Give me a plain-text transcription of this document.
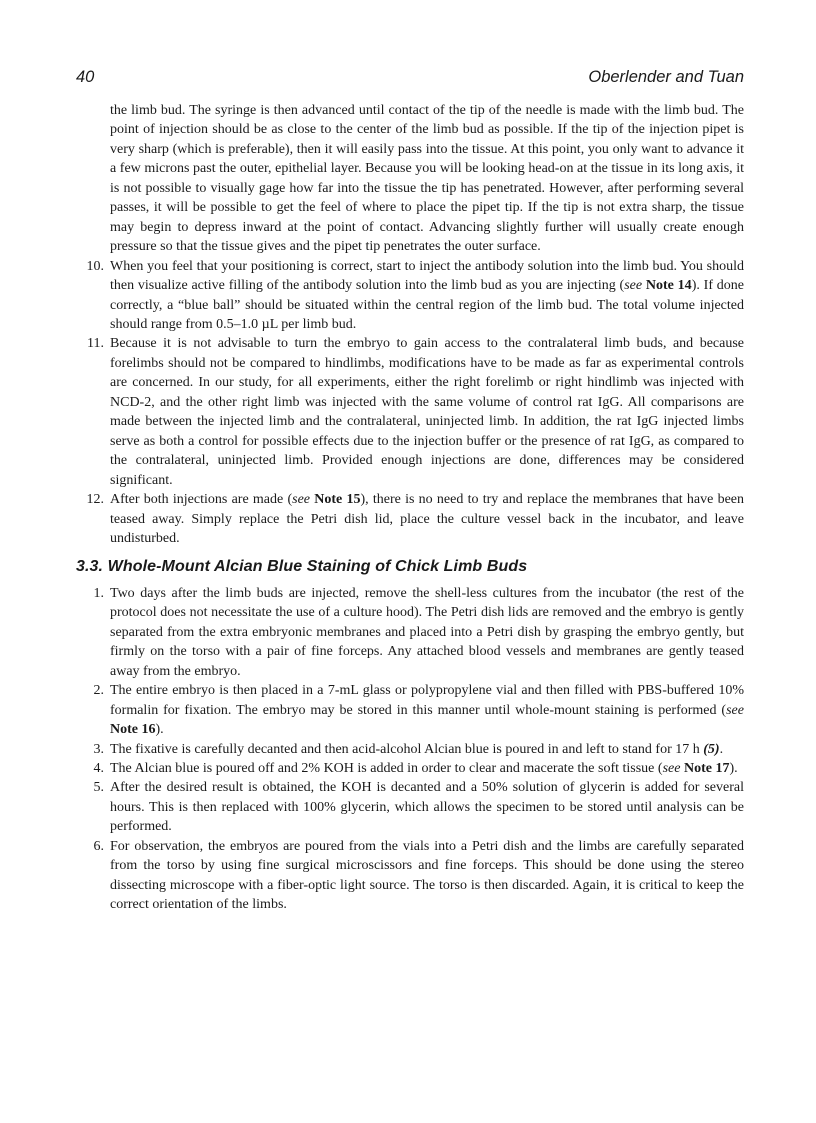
40	Oberlender and Tuan
the limb bud. The syringe is then advanced until contact of the tip of the needle is made with the limb bud. The point of injection should be as close to the center of the limb bud as possible. If the tip of the injection pipet is very sharp (which is preferable), then it will easily pass into the tissue. At this point, you only want to advance it a few microns past the outer, epithelial layer. Because you will be looking head-on at the tissue in its long axis, it is not possible to visually gage how far into the tissue the tip has penetrated. However, after performing several passes, it will be possible to get the feel of where to place the pipet tip. If the tip is not extra sharp, the tissue may begin to depress inward at the point of contact. Advancing slightly further will usually create enough pressure so that the tissue gives and the pipet tip penetrates the outer surface.
10. When you feel that your positioning is correct, start to inject the antibody solution into the limb bud. You should then visualize active filling of the antibody solution into the limb bud as you are injecting (see Note 14). If done correctly, a “blue ball” should be situated within the central region of the limb bud. The total volume injected should range from 0.5–1.0 µL per limb bud.
11. Because it is not advisable to turn the embryo to gain access to the contralateral limb buds, and because forelimbs should not be compared to hindlimbs, modifications have to be made as far as experimental controls are concerned. In our study, for all experiments, either the right forelimb or right hindlimb was injected with NCD-2, and the other right limb was injected with the same volume of control rat IgG. All comparisons are made between the injected limb and the contralateral, uninjected limb. In addition, the rat IgG injected limbs serve as both a control for possible effects due to the injection buffer or the presence of rat IgG, as compared to the contralateral, uninjected limb. Provided enough injections are done, differences may be considered significant.
12. After both injections are made (see Note 15), there is no need to try and replace the membranes that have been teased away. Simply replace the Petri dish lid, place the culture vessel back in the incubator, and leave undisturbed.
3.3. Whole-Mount Alcian Blue Staining of Chick Limb Buds
1. Two days after the limb buds are injected, remove the shell-less cultures from the incubator (the rest of the protocol does not necessitate the use of a culture hood). The Petri dish lids are removed and the embryo is gently separated from the extra embryonic membranes and placed into a Petri dish by grasping the embryo gently, but firmly on the torso with a pair of fine forceps. Any attached blood vessels and membranes are gently teased away from the embryo.
2. The entire embryo is then placed in a 7-mL glass or polypropylene vial and then filled with PBS-buffered 10% formalin for fixation. The embryo may be stored in this manner until whole-mount staining is performed (see Note 16).
3. The fixative is carefully decanted and then acid-alcohol Alcian blue is poured in and left to stand for 17 h (5).
4. The Alcian blue is poured off and 2% KOH is added in order to clear and macerate the soft tissue (see Note 17).
5. After the desired result is obtained, the KOH is decanted and a 50% solution of glycerin is added for several hours. This is then replaced with 100% glycerin, which allows the specimen to be stored until analysis can be performed.
6. For observation, the embryos are poured from the vials into a Petri dish and the limbs are carefully separated from the torso by using fine surgical microscissors and fine forceps. This should be done using the stereo dissecting microscope with a fiber-optic light source. The torso is then discarded. Again, it is critical to keep the correct orientation of the limbs.
